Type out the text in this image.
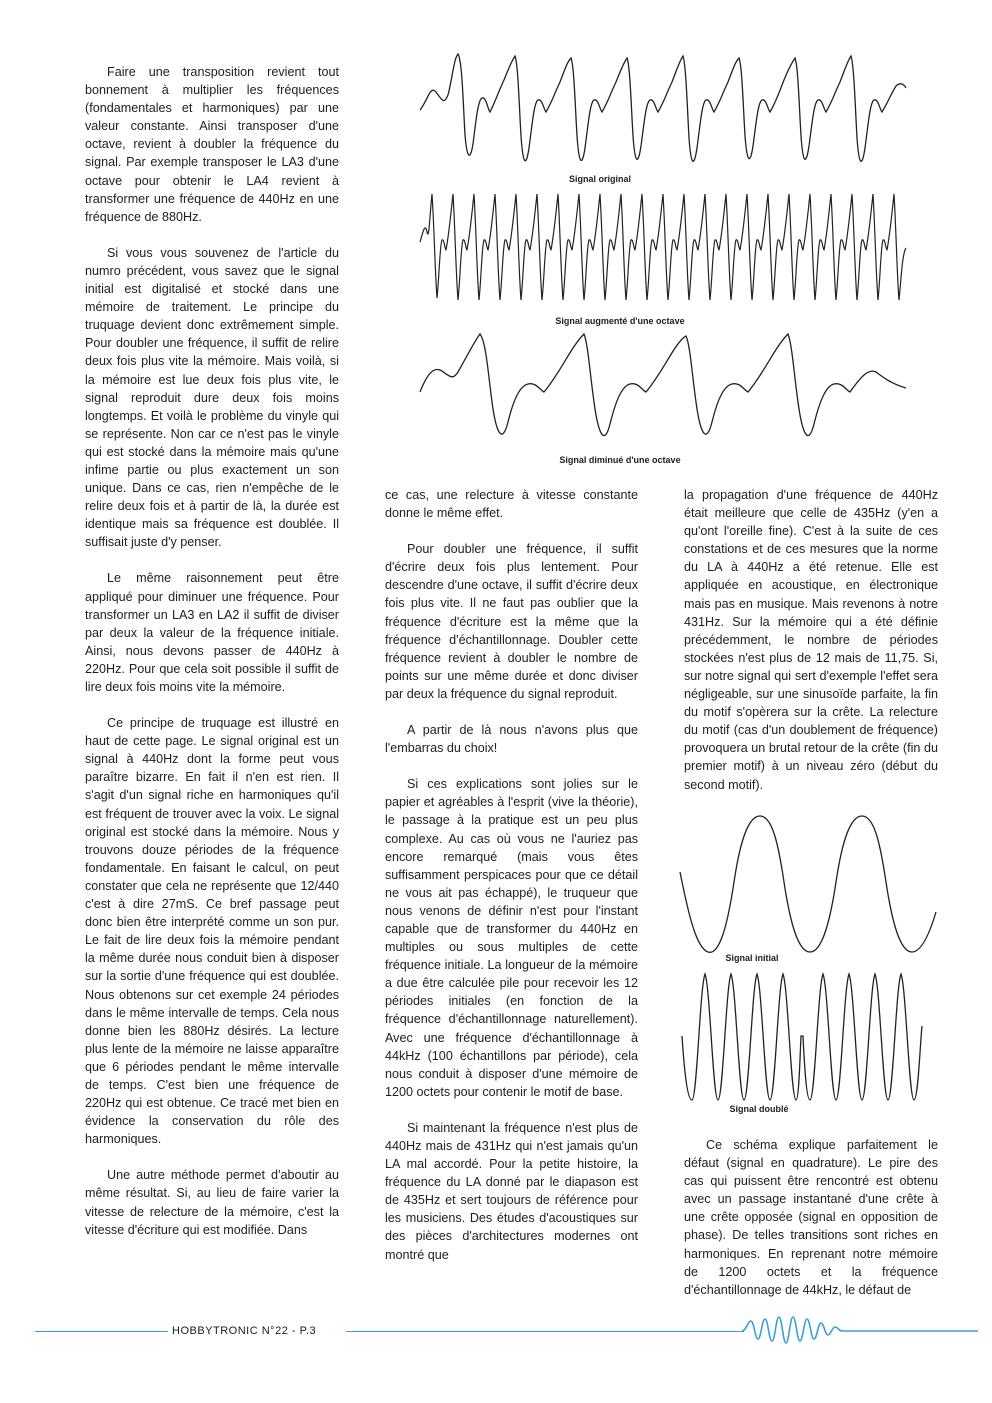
Faire une transposition revient tout bonnement à multiplier les fréquences (fondamentales et harmoniques) par une valeur constante. Ainsi transposer d'une octave, revient à doubler la fréquence du signal. Par exemple transposer le LA3 d'une octave pour obtenir le LA4 revient à transformer une fréquence de 440Hz en une fréquence de 880Hz.

Si vous vous souvenez de l'article du numro précédent, vous savez que le signal initial est digitalisé et stocké dans une mémoire de traitement. Le principe du truquage devient donc extrêmement simple. Pour doubler une fréquence, il suffit de relire deux fois plus vite la mémoire. Mais voilà, si la mémoire est lue deux fois plus vite, le signal reproduit dure deux fois moins longtemps. Et voilà le problème du vinyle qui se représente. Non car ce n'est pas le vinyle qui est stocké dans la mémoire mais qu'une infime partie ou plus exactement un son unique. Dans ce cas, rien n'empêche de le relire deux fois et à partir de là, la durée est identique mais sa fréquence est doublée. Il suffisait juste d'y penser.

Le même raisonnement peut être appliqué pour diminuer une fréquence. Pour transformer un LA3 en LA2 il suffit de diviser par deux la valeur de la fréquence initiale. Ainsi, nous devons passer de 440Hz à 220Hz. Pour que cela soit possible il suffit de lire deux fois moins vite la mémoire.

Ce principe de truquage est illustré en haut de cette page. Le signal original est un signal à 440Hz dont la forme peut vous paraître bizarre. En fait il n'en est rien. Il s'agit d'un signal riche en harmoniques qu'il est fréquent de trouver avec la voix. Le signal original est stocké dans la mémoire. Nous y trouvons douze périodes de la fréquence fondamentale. En faisant le calcul, on peut constater que cela ne représente que 12/440 c'est à dire 27mS. Ce bref passage peut donc bien être interprété comme un son pur. Le fait de lire deux fois la mémoire pendant la même durée nous conduit bien à disposer sur la sortie d'une fréquence qui est doublée. Nous obtenons sur cet exemple 24 périodes dans le même intervalle de temps. Cela nous donne bien les 880Hz désirés. La lecture plus lente de la mémoire ne laisse apparaître que 6 périodes pendant le même intervalle de temps. C'est bien une fréquence de 220Hz qui est obtenue. Ce tracé met bien en évidence la conservation du rôle des harmoniques.

Une autre méthode permet d'aboutir au même résultat. Si, au lieu de faire varier la vitesse de relecture de la mémoire, c'est la vitesse d'écriture qui est modifiée. Dans

Signal original
Signal augmenté d'une octave
Signal diminué d'une octave

ce cas, une relecture à vitesse constante donne le même effet.

Pour doubler une fréquence, il suffit d'écrire deux fois plus lentement. Pour descendre d'une octave, il suffit d'écrire deux fois plus vite. Il ne faut pas oublier que la fréquence d'écriture est la même que la fréquence d'échantillonnage. Doubler cette fréquence revient à doubler le nombre de points sur une même durée et donc diviser par deux la fréquence du signal reproduit.

A partir de là nous n'avons plus que l'embarras du choix!

Si ces explications sont jolies sur le papier et agréables à l'esprit (vive la théorie), le passage à la pratique est un peu plus complexe. Au cas où vous ne l'auriez pas encore remarqué (mais vous êtes suffisamment perspicaces pour que ce détail ne vous ait pas échappé), le truqueur que nous venons de définir n'est pour l'instant capable que de transformer du 440Hz en multiples ou sous multiples de cette fréquence initiale. La longueur de la mémoire a due être calculée pile pour recevoir les 12 périodes initiales (en fonction de la fréquence d'échantillonnage naturellement). Avec une fréquence d'échantillonnage à 44kHz (100 échantillons par période), cela nous conduit à disposer d'une mémoire de 1200 octets pour contenir le motif de base.

Si maintenant la fréquence n'est plus de 440Hz mais de 431Hz qui n'est jamais qu'un LA mal accordé. Pour la petite histoire, la fréquence du LA donné par le diapason est de 435Hz et sert toujours de référence pour les musiciens. Des études d'acoustiques sur des pièces d'architectures modernes ont montré que

la propagation d'une fréquence de 440Hz était meilleure que celle de 435Hz (y'en a qu'ont l'oreille fine). C'est à la suite de ces constations et de ces mesures que la norme du LA à 440Hz a été retenue. Elle est appliquée en acoustique, en électronique mais pas en musique. Mais revenons à notre 431Hz. Sur la mémoire qui a été définie précédemment, le nombre de périodes stockées n'est plus de 12 mais de 11,75. Si, sur notre signal qui sert d'exemple l'effet sera négligeable, sur une sinusoïde parfaite, la fin du motif s'opèrera sur la crête. La relecture du motif (cas d'un doublement de fréquence) provoquera un brutal retour de la crête (fin du premier motif) à un niveau zéro (début du second motif).

Signal initial
Signal doublé

Ce schéma explique parfaitement le défaut (signal en quadrature). Le pire des cas qui puissent être rencontré est obtenu avec un passage instantané d'une crête à une crête opposée (signal en opposition de phase). De telles transitions sont riches en harmoniques. En reprenant notre mémoire de 1200 octets et la fréquence d'échantillonnage de 44kHz, le défaut de

HOBBYTRONIC N°22 - P.3
